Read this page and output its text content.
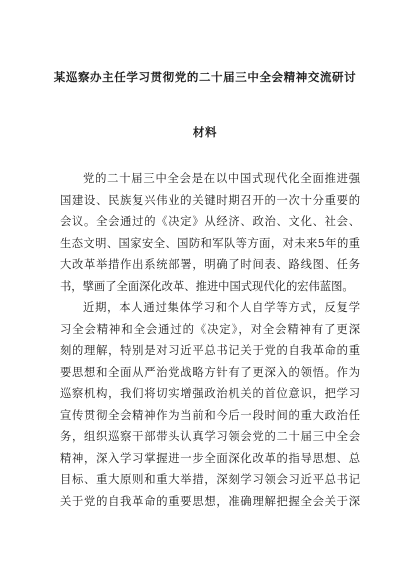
某巡察办主任学习贯彻党的二十届三中全会精神交流研讨
材料
党的二十届三中全会是在以中国式现代化全面推进强
国建设、民族复兴伟业的关键时期召开的一次十分重要的
会议。全会通过的《决定》从经济、政治、文化、社会、
生态文明、国家安全、国防和军队等方面，对未来5年的重
大改革举措作出系统部署，明确了时间表、路线图、任务
书，擘画了全面深化改革、推进中国式现代化的宏伟蓝图。
近期，本人通过集体学习和个人自学等方式，反复学
习全会精神和全会通过的《决定》，对全会精神有了更深
刻的理解，特别是对习近平总书记关于党的自我革命的重
要思想和全面从严治党战略方针有了更深入的领悟。作为
巡察机构，我们将切实增强政治机关的首位意识，把学习
宣传贯彻全会精神作为当前和今后一段时间的重大政治任
务，组织巡察干部带头认真学习领会党的二十届三中全会
精神，深入学习掌握进一步全面深化改革的指导思想、总
目标、重大原则和重大举措，深刻学习领会习近平总书记
关于党的自我革命的重要思想，准确理解把握全会关于深
